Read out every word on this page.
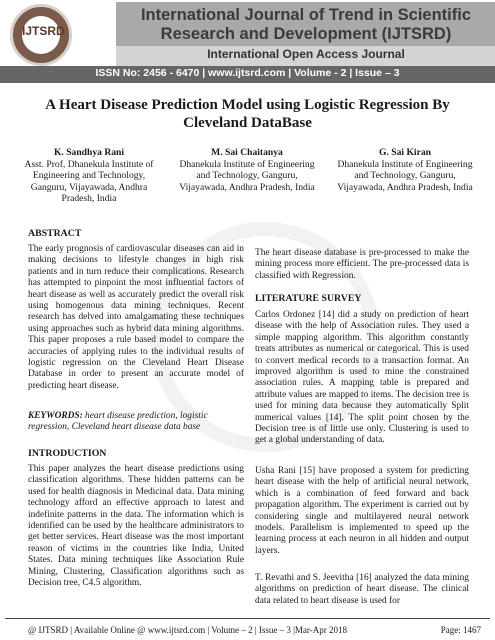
IJTSRD
International Journal of Trend in Scientific Research and Development (IJTSRD)
International Open Access Journal
ISSN No: 2456 - 6470 | www.ijtsrd.com | Volume - 2 | Issue – 3
A Heart Disease Prediction Model using Logistic Regression By Cleveland DataBase
K. Sandhya Rani
Asst. Prof, Dhanekula Institute of Engineering and Technology, Ganguru, Vijayawada, Andhra Pradesh, India
M. Sai Chaitanya
Dhanekula Institute of Engineering and Technology, Ganguru, Vijayawada, Andhra Pradesh, India
G. Sai Kiran
Dhanekula Institute of Engineering and Technology, Ganguru, Vijayawada, Andhra Pradesh, India
ABSTRACT
The early prognosis of cardiovascular diseases can aid in making decisions to lifestyle changes in high risk patients and in turn reduce their complications. Research has attempted to pinpoint the most influential factors of heart disease as well as accurately predict the overall risk using homogenous data mining techniques. Recent research has delved into amalgamating these techniques using approaches such as hybrid data mining algorithms. This paper proposes a rule based model to compare the accuracies of applying rules to the individual results of logistic regression on the Cleveland Heart Disease Database in order to present an accurate model of predicting heart disease.
KEYWORDS: heart disease prediction, logistic regression, Cleveland heart disease data base
INTRODUCTION
This paper analyzes the heart disease predictions using classification algorithms. These hidden patterns can be used for health diagnosis in Medicinal data. Data mining technology afford an effective approach to latest and indefinite patterns in the data. The information which is identified can be used by the healthcare administrators to get better services. Heart disease was the most important reason of victims in the countries like India, United States. Data mining techniques like Association Rule Mining, Clustering, Classification algorithms such as Decision tree, C4.5 algorithm.
The heart disease database is pre-processed to make the mining process more efficient. The pre-processed data is classified with Regression.
LITERATURE SURVEY
Carlos Ordonez [14] did a study on prediction of heart disease with the help of Association rules. They used a simple mapping algorithm. This algorithm constantly treats attributes as numerical or categorical. This is used to convert medical records to a transaction format. An improved algorithm is used to mine the constrained association rules. A mapping table is prepared and attribute values are mapped to items. The decision tree is used for mining data because they automatically Split numerical values [14]. The split point chosen by the Decision tree is of little use only. Clustering is used to get a global understanding of data.
Usha Rani [15] have proposed a system for predicting heart disease with the help of artificial neural network, which is a combination of feed forward and back propagation algorithm. The experiment is carried out by considering single and multilayered neural network models. Parallelism is implemented to speed up the learning process at each neuron in all hidden and output layers.
T. Revathi and S. Jeevitha [16] analyzed the data mining algorithms on prediction of heart disease. The clinical data related to heart disease is used for
@ IJTSRD | Available Online @ www.ijtsrd.com | Volume – 2 | Issue – 3 |Mar-Apr 2018	Page: 1467
